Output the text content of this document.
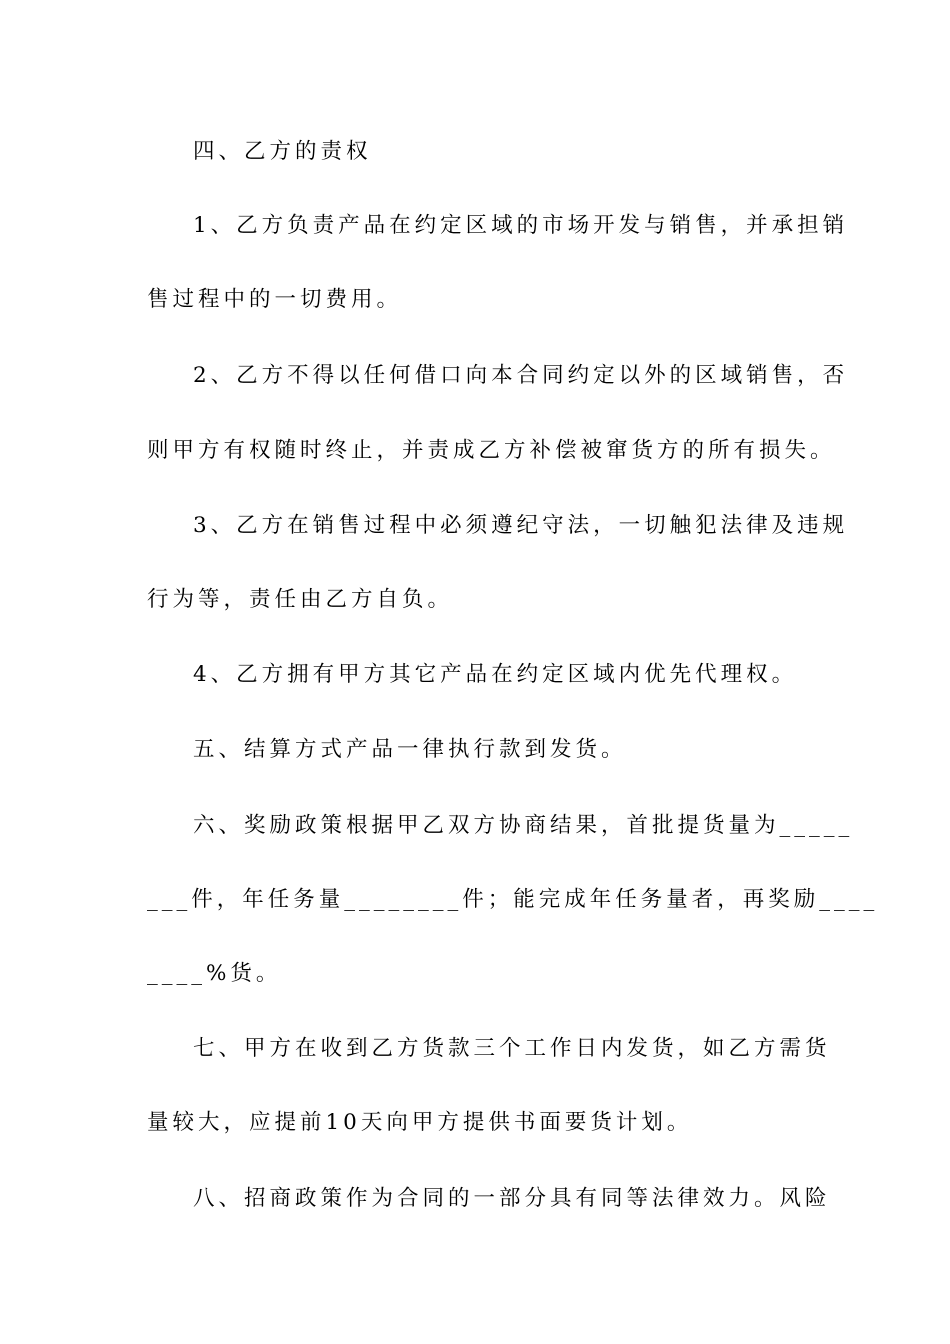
四、乙方的责权
1、乙方负责产品在约定区域的市场开发与销售，并承担销
售过程中的一切费用。
2、乙方不得以任何借口向本合同约定以外的区域销售，否
则甲方有权随时终止，并责成乙方补偿被窜货方的所有损失。
3、乙方在销售过程中必须遵纪守法，一切触犯法律及违规
行为等，责任由乙方自负。
4、乙方拥有甲方其它产品在约定区域内优先代理权。
五、结算方式产品一律执行款到发货。
六、奖励政策根据甲乙双方协商结果，首批提货量为_____
___件，年任务量________件；能完成年任务量者，再奖励____
____%货。
七、甲方在收到乙方货款三个工作日内发货，如乙方需货
量较大，应提前10天向甲方提供书面要货计划。
八、招商政策作为合同的一部分具有同等法律效力。风险
